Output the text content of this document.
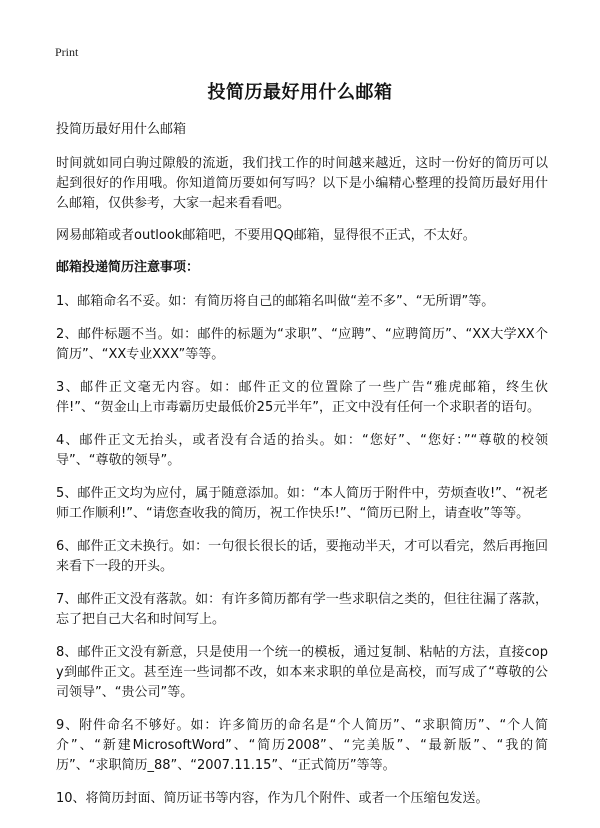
Print
投简历最好用什么邮箱

投简历最好用什么邮箱

时间就如同白驹过隙般的流逝，我们找工作的时间越来越近，这时一份好的简历可以起到很好的作用哦。你知道简历要如何写吗？以下是小编精心整理的投简历最好用什么邮箱，仅供参考，大家一起来看看吧。

网易邮箱或者outlook邮箱吧，不要用QQ邮箱，显得很不正式，不太好。

邮箱投递简历注意事项：

1、邮箱命名不妥。如：有简历将自己的邮箱名叫做“差不多”、“无所谓”等。

2、邮件标题不当。如：邮件的标题为“求职”、“应聘”、“应聘简历”、“XX大学XX个简历”、“XX专业XXX”等等。

3、邮件正文毫无内容。如：邮件正文的位置除了一些广告“雅虎邮箱，终生伙伴!”、“贺金山上市毒霸历史最低价25元半年”，正文中没有任何一个求职者的语句。

4、邮件正文无抬头，或者没有合适的抬头。如：“您好”、“您好：”“尊敬的校领导”、“尊敬的领导”。

5、邮件正文均为应付，属于随意添加。如：“本人简历于附件中，劳烦查收!”、“祝老师工作顺利!”、“请您查收我的简历，祝工作快乐!”、“简历已附上，请查收”等等。

6、邮件正文未换行。如：一句很长很长的话，要拖动半天，才可以看完，然后再拖回来看下一段的开头。

7、邮件正文没有落款。如：有许多简历都有学一些求职信之类的，但往往漏了落款，忘了把自己大名和时间写上。

8、邮件正文没有新意，只是使用一个统一的模板，通过复制、粘帖的方法，直接copy到邮件正文。甚至连一些词都不改，如本来求职的单位是高校，而写成了“尊敬的公司领导”、“贵公司”等。

9、附件命名不够好。如：许多简历的命名是“个人简历”、“求职简历”、“个人简介”、“新建MicrosoftWord”、“简历2008”、“完美版”、“最新版”、“我的简历”、“求职简历_88”、“2007.11.15”、“正式简历”等等。

10、将简历封面、简历证书等内容，作为几个附件、或者一个压缩包发送。
